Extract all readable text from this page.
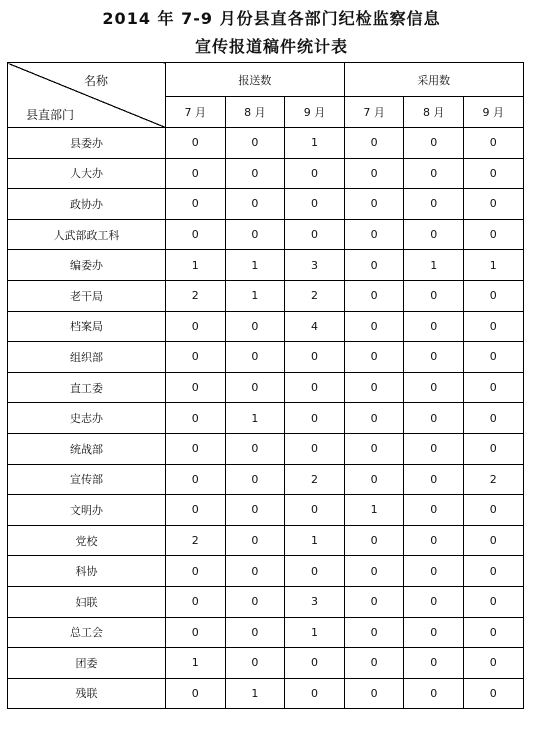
2014 年 7-9 月份县直各部门纪检监察信息
宣传报道稿件统计表
名称
县直部门	报送数			采用数		
	7 月	8 月	9 月	7 月	8 月	9 月
县委办	0	0	1	0	0	0
人大办	0	0	0	0	0	0
政协办	0	0	0	0	0	0
人武部政工科	0	0	0	0	0	0
编委办	1	1	3	0	1	1
老干局	2	1	2	0	0	0
档案局	0	0	4	0	0	0
组织部	0	0	0	0	0	0
直工委	0	0	0	0	0	0
史志办	0	1	0	0	0	0
统战部	0	0	0	0	0	0
宣传部	0	0	2	0	0	2
文明办	0	0	0	1	0	0
党校	2	0	1	0	0	0
科协	0	0	0	0	0	0
妇联	0	0	3	0	0	0
总工会	0	0	1	0	0	0
团委	1	0	0	0	0	0
残联	0	1	0	0	0	0
